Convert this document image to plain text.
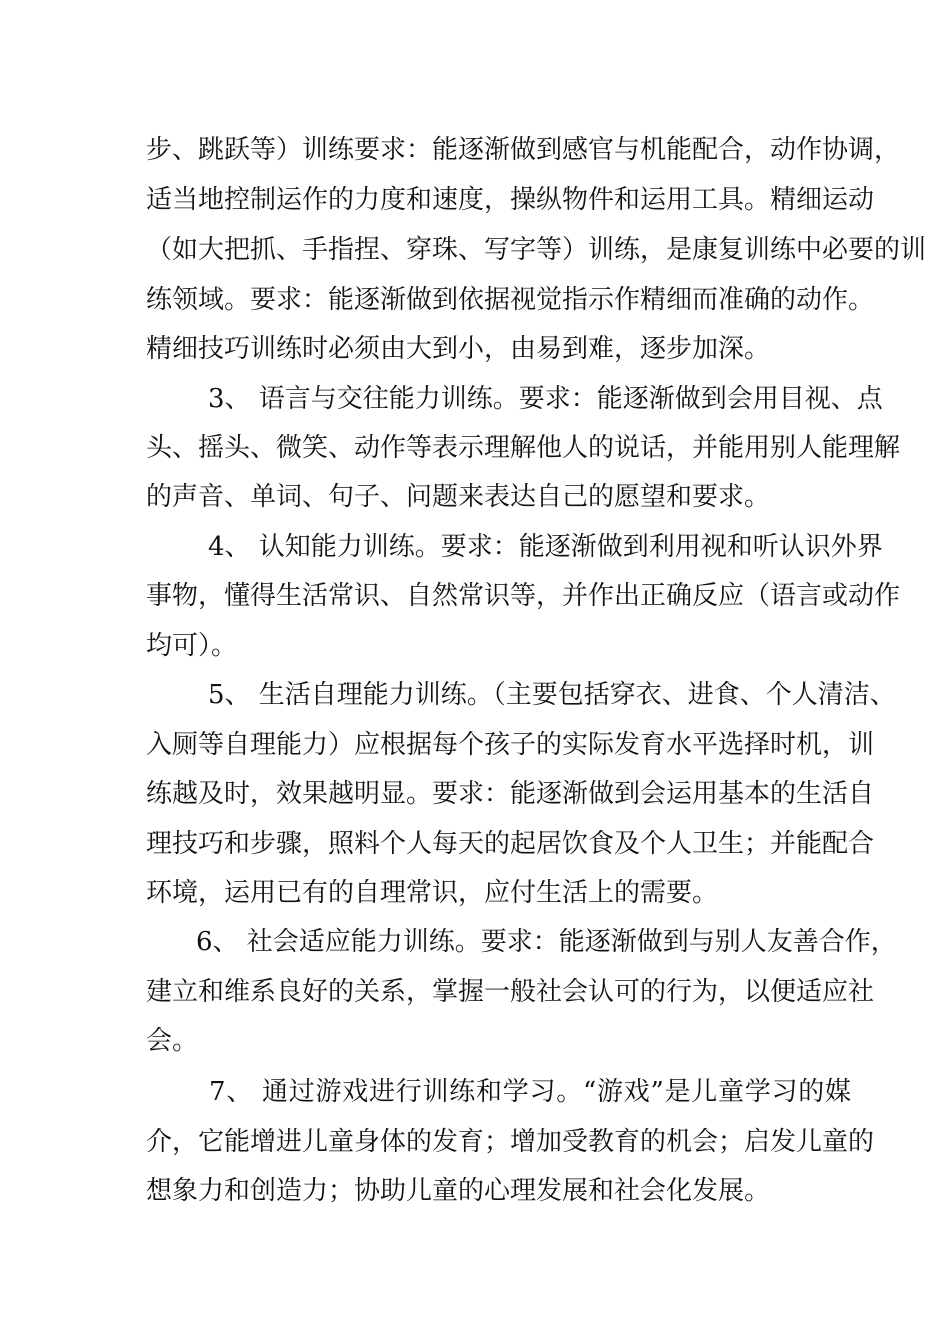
步、跳跃等）训练要求：能逐渐做到感官与机能配合，动作协调，
适当地控制运作的力度和速度，操纵物件和运用工具。精细运动
（如大把抓、手指捏、穿珠、写字等）训练，是康复训练中必要的训
练领域。要求：能逐渐做到依据视觉指示作精细而准确的动作。
精细技巧训练时必须由大到小，由易到难，逐步加深。
3、 语言与交往能力训练。要求：能逐渐做到会用目视、点
头、摇头、微笑、动作等表示理解他人的说话，并能用别人能理解
的声音、单词、句子、问题来表达自己的愿望和要求。
4、 认知能力训练。要求：能逐渐做到利用视和听认识外界
事物，懂得生活常识、自然常识等，并作出正确反应（语言或动作
均可）。
5、 生活自理能力训练。（主要包括穿衣、进食、个人清洁、
入厕等自理能力）应根据每个孩子的实际发育水平选择时机，训
练越及时，效果越明显。要求：能逐渐做到会运用基本的生活自
理技巧和步骤，照料个人每天的起居饮食及个人卫生；并能配合
环境，运用已有的自理常识，应付生活上的需要。
6、 社会适应能力训练。要求：能逐渐做到与别人友善合作，
建立和维系良好的关系，掌握一般社会认可的行为，以便适应社
会。
7、 通过游戏进行训练和学习。“游戏”是儿童学习的媒
介，它能增进儿童身体的发育；增加受教育的机会；启发儿童的
想象力和创造力；协助儿童的心理发展和社会化发展。
